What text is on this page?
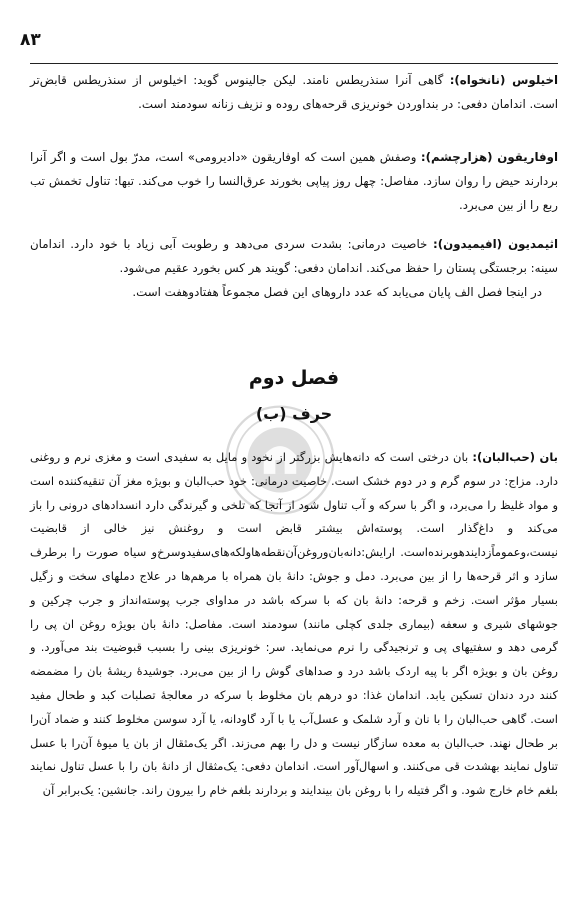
٨٣

اخیلوس (نانخواه): گاهی آنرا سنذریطس نامند. لیکن جالینوس گوید: اخیلوس از سنذریطس قابض‌تر است. اندامان دفعی: در بنداوردن خونریزی قرحه‌های روده و نزیف زنانه سودمند است.

اوفاریقون (هزارچشم): وصفش همین است که اوفاریقون «دادیرومی» است، مدرّ بول است و اگر آنرا بردارند حیض را روان سازد. مفاصل: چهل روز پیاپی بخورند عرق‌النسا را خوب می‌کند. تبها: تناول تخمش تب ربع را از بین می‌برد.

اثیمدیون (افیمیدون): خاصیت درمانی: بشدت سردی می‌دهد و رطوبت آبی زیاد با خود دارد. اندامان سینه: برجستگی پستان را حفظ می‌کند. اندامان دفعی: گویند هر کس بخورد عقیم می‌شود.

در اینجا فصل الف پایان می‌یابد که عدد داروهای این فصل مجموعاً هفتادوهفت است.

فصل دوم
حرف (ب)

بان (حب‌البان): بان درختی است که دانه‌هایش بزرگتر از نخود و مایل به سفیدی است و مغزی نرم و روغنی دارد. مزاج: در سوم گرم و در دوم خشک است. خاصیت درمانی: خود حب‌البان و بویژه مغز آن تنقیه‌کننده است و مواد غلیظ را می‌برد، و اگر با سرکه و آب تناول شود از آنجا که تلخی و گیرندگی دارد انسدادهای درونی را باز می‌کند و داغ‌گذار است. پوسته‌اش بیشتر قابض است و روغنش نیز خالی از قابضیت نیست،وعموماًزدایندهوبرنده‌است. ارایش:دانه‌بان‌وروغن‌آن‌نقطه‌هاولکه‌های‌سفیدوسرخ‌و سیاه صورت را برطرف سازد و اثر قرحه‌ها را از بین می‌برد. دمل و جوش: دانهٔ بان همراه با مرهم‌ها در علاج دملهای سخت و زگیل بسیار مؤثر است. زخم و قرحه: دانهٔ بان که با سرکه باشد در مداوای جرب پوسته‌انداز و جرب چرکین و جوشهای شیری و سعفه (بیماری جلدی کچلی مانند) سودمند است. مفاصل: دانهٔ بان بویژه روغن ان پی را گرمی دهد و سفتیهای پی و ترنجیدگی را نرم می‌نماید. سر: خونریزی بینی را بسبب قبوضیت بند می‌آورد. و روغن بان و بویژه اگر با پیه اردک باشد درد و صداهای گوش را از بین می‌برد. جوشیدهٔ ریشهٔ بان را مضمضه کنند درد دندان تسکین یابد. اندامان غذا: دو درهم بان مخلوط با سرکه در معالجهٔ تصلبات کبد و طحال مفید است. گاهی حب‌البان را با نان و آرد شلمک و عسل‌آب یا با آرد گاودانه، یا آرد سوسن مخلوط کنند و ضماد آن‌را بر طحال نهند. حب‌البان به معده سازگار نیست و دل را بهم می‌زند. اگر یک‌مثقال از بان یا میوهٔ آن‌را با عسل تناول نمایند بهشدت قی می‌کنند. و اسهال‌آور است. اندامان دفعی: یک‌مثقال از دانهٔ بان را با عسل تناول نمایند بلغم خام خارج شود. و اگر فتیله را با روغن بان بیندایند و بردارند بلغم خام را بیرون راند. جانشین: یک‌برابر آن
